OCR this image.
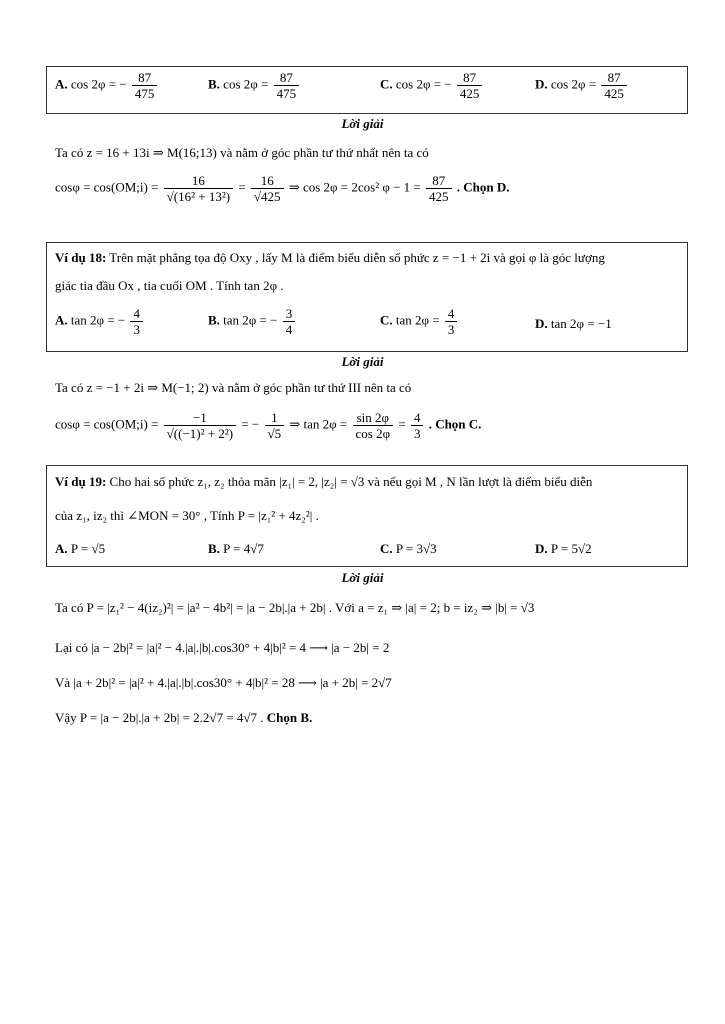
A. cos 2φ = − $\frac{87}{475}$	B. $\cos 2\varphi = \frac{87}{475}$	C. cos 2φ = − $\frac{87}{425}$	D. $\cos 2\varphi = \frac{87}{425}$
Lời giải
Ta có z = 16 + 13i ⇒ M(16;13) và nằm ở góc phần tư thứ nhất nên ta có
cosφ = cos(OM;i) = $\frac{16}{\text{√(16² + 13²)}} = \frac{16}{√425}$ ⇒ cos 2φ = 2cos² $\varphi - 1 = \frac{87}{425}$ . Chọn D.
Ví dụ 18: Trên mặt phẳng tọa độ Oxy , lấy M là điểm biểu diễn số phức z = −1 + 2i và gọi φ là góc lượng
giác tia đầu Ox , tia cuối OM . Tính tan 2φ .
A. tan 2φ = − $\frac{4}{3}$	B. tan 2φ = − $\frac{3}{4}$	C. $\tan 2\varphi = \frac{4}{3}$	D. tan 2φ = −1
Lời giải
Ta có z = −1 + 2i ⇒ M(−1; 2) và nằm ở góc phần tư thứ III nên ta có
cosφ = cos(OM;i) = $\frac{-1}{\text{√((−1)² + 2²)}}$ = − $\frac{1}{√5}$ ⇒ $\tan 2\varphi = \frac{\sin 2\varphi}{\cos 2\varphi} = \frac{4}{3}$ . Chọn C.
Ví dụ 19: Cho hai số phức z₁, z₂ thỏa mãn |z₁| = 2, |z₂| = √3 và nếu gọi M , N lần lượt là điểm biểu diễn
của z₁, iz₂ thì ∠MON = 30° , Tính P = |z₁² + 4z₂²| .
A. P = √5	B. P = 4√7	C. P = 3√3	D. P = 5√2
Lời giải
Ta có P = |z₁² − 4(iz₂)²| = |a² − 4b²| = |a − 2b|.|a + 2b| . Với a = z₁ ⇒ |a| = 2; b = iz₂ ⇒ |b| = √3
Lại có |a − 2b|² = |a|² − 4.|a|.|b|.cos30° + 4|b|² = 4 ⟶ |a − 2b| = 2
Và |a + 2b|² = |a|² + 4.|a|.|b|.cos30° + 4|b|² = 28 ⟶ |a + 2b| = 2√7
Vậy P = |a − 2b|.|a + 2b| = 2.2√7 = 4√7 . Chọn B.
